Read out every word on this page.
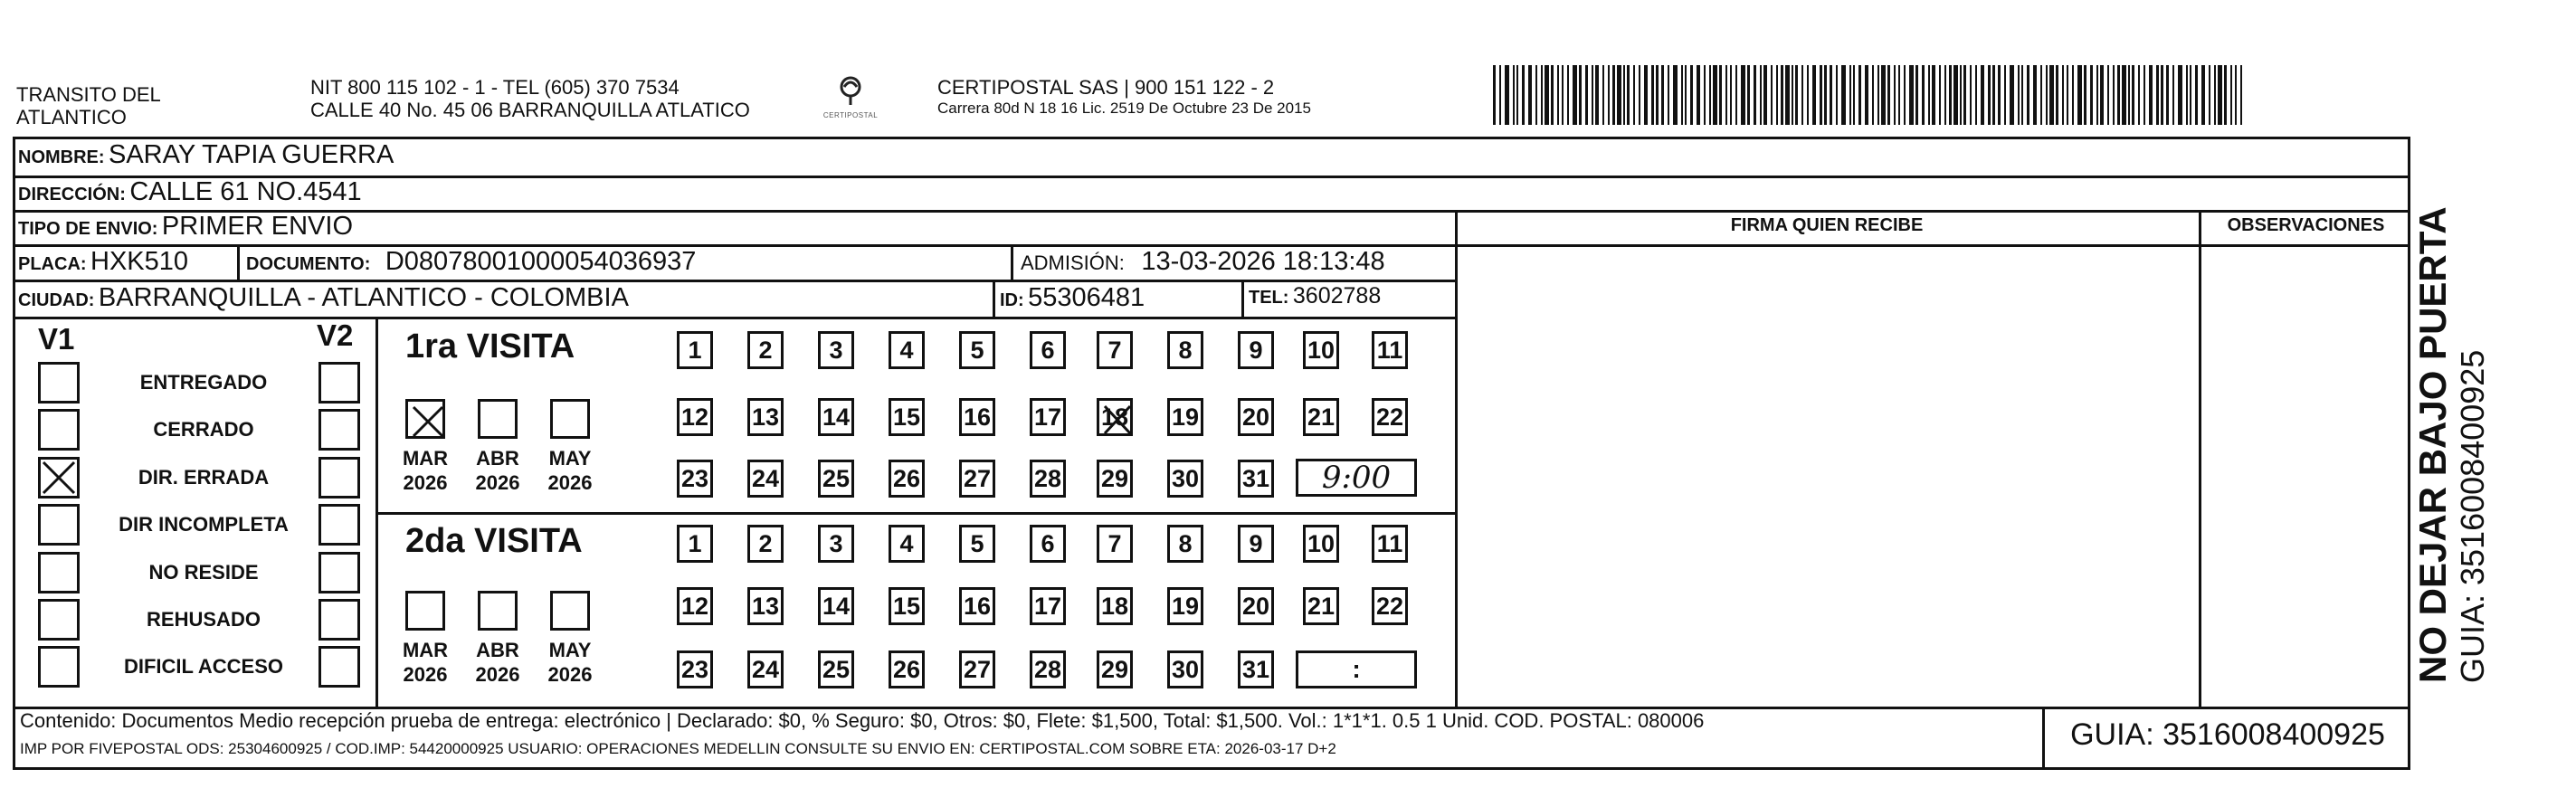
TRANSITO DEL
ATLANTICO
NIT 800 115 102 - 1 - TEL (605) 370 7534
CALLE 40 No. 45 06 BARRANQUILLA ATLATICO	CERTIPOSTAL
CERTIPOSTAL SAS | 900 151 122 - 2
Carrera 80d N 18 16 Lic. 2519 De Octubre 23 De 2015
NOMBRE: SARAY TAPIA GUERRA
DIRECCIÓN: CALLE 61 NO.4541
TIPO DE ENVIO: PRIMER ENVIO	FIRMA QUIEN RECIBE	OBSERVACIONES
PLACA: HXK510	DOCUMENTO: D08078001000054036937	ADMISIÓN: 13-03-2026 18:13:48
CIUDAD: BARRANQUILLA - ATLANTICO - COLOMBIA	ID: 55306481	TEL: 3602788
V1	V2
ENTREGADO
CERRADO
DIR. ERRADA
DIR INCOMPLETA
NO RESIDE
REHUSADO
DIFICIL ACCESO
1ra VISITA
MAR
2026
ABR
2026
MAY
2026
1	2	3	4	5	6	7	8	9	10 11
12 13 14 15 16 17 18 19 20 21 22
23 24 25 26 27 28 29 30 31	9:00
2da VISITA
MAR
2026
ABR
2026
MAY
2026
1	2	3	4	5	6	7	8	9	10 11
12 13 14 15 16 17 18 19 20 21 22
23 24 25 26 27 28 29 30 31	:
Contenido: Documentos Medio recepción prueba de entrega: electrónico | Declarado: $0, % Seguro: $0, Otros: $0, Flete: $1,500, Total: $1,500. Vol.: 1*1*1. 0.5 1 Unid. COD. POSTAL: 080006
IMP POR FIVEPOSTAL ODS: 25304600925 / COD.IMP: 54420000925 USUARIO: OPERACIONES MEDELLIN CONSULTE SU ENVIO EN: CERTIPOSTAL.COM SOBRE ETA: 2026-03-17 D+2	GUIA: 3516008400925
NO DEJAR BAJO PUERTA GUIA: 3516008400925
